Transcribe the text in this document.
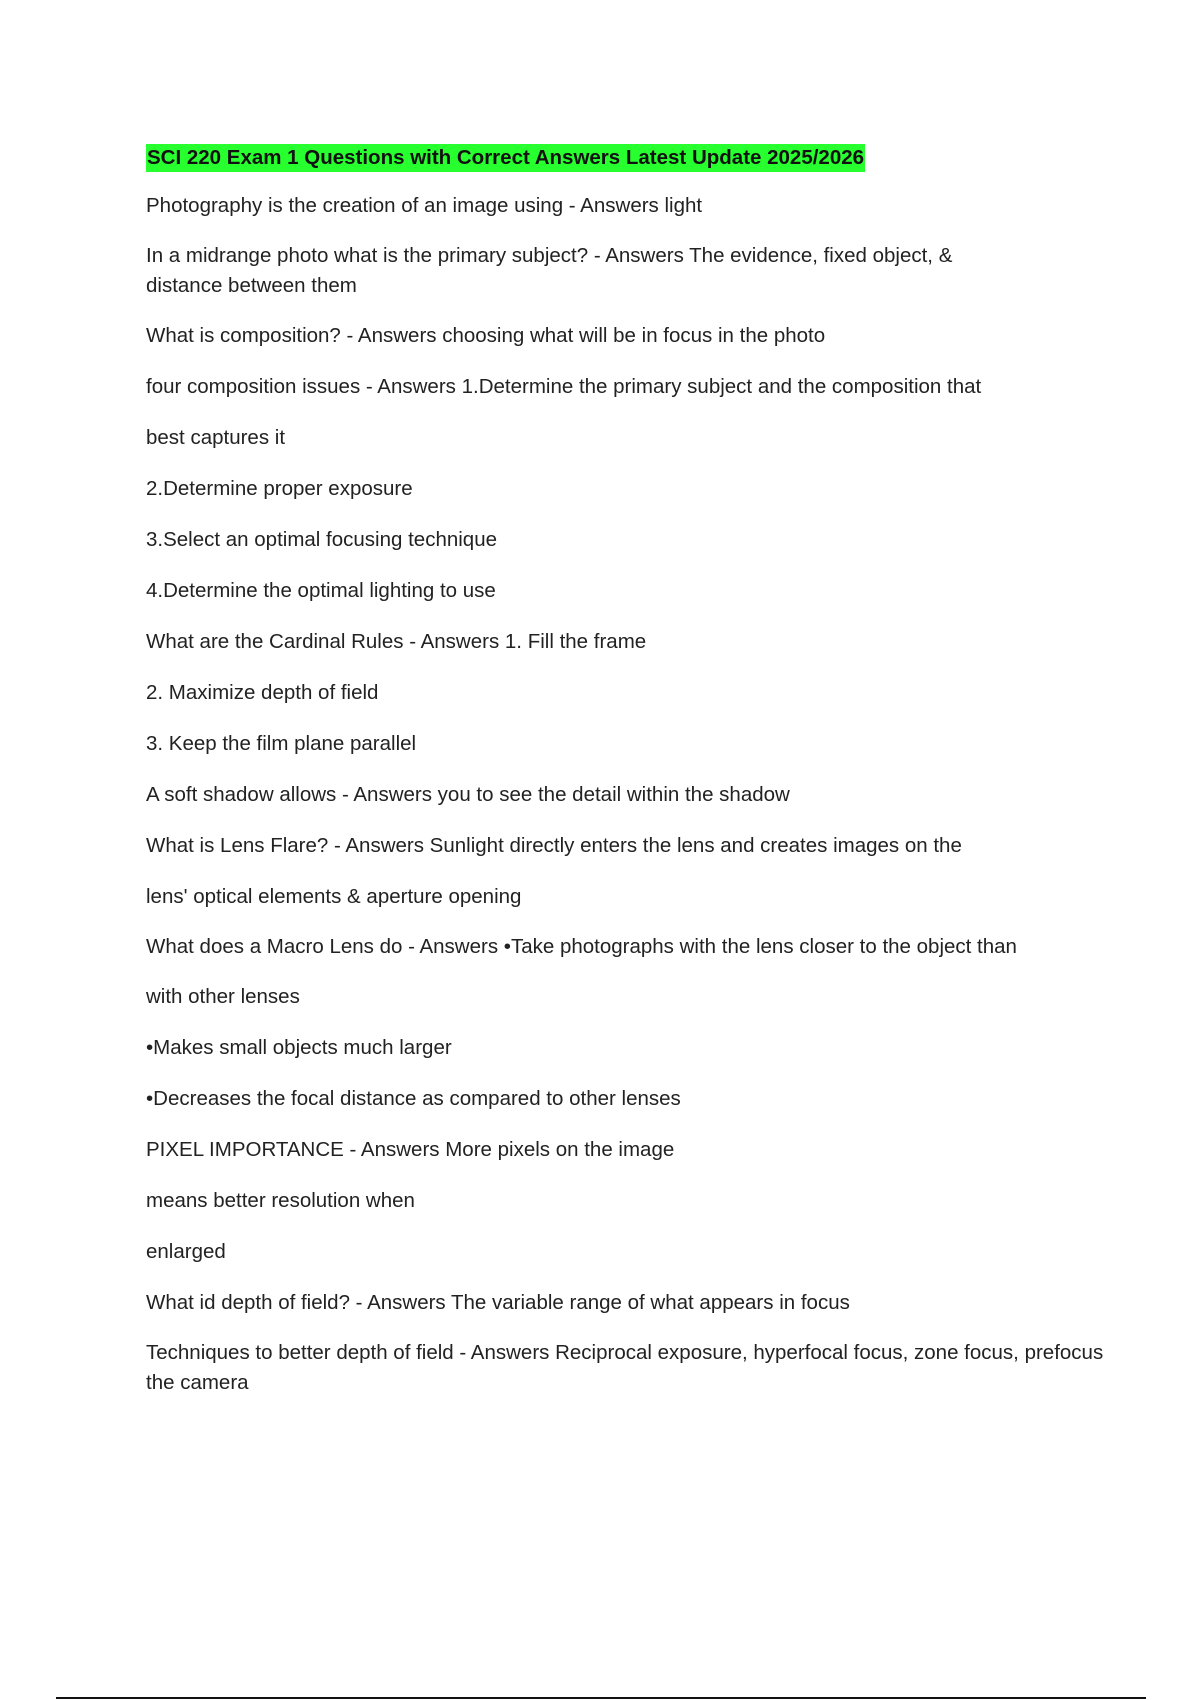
SCI 220 Exam 1 Questions with Correct Answers Latest Update 2025/2026
Photography is the creation of an image using - Answers light
In a midrange photo what is the primary subject? - Answers The evidence, fixed object, & distance between them
What is composition? - Answers choosing what will be in focus in the photo
four composition issues - Answers 1.Determine the primary subject and the composition that
best captures it
2.Determine proper exposure
3.Select an optimal focusing technique
4.Determine the optimal lighting to use
What are the Cardinal Rules - Answers 1. Fill the frame
2. Maximize depth of field
3. Keep the film plane parallel
A soft shadow allows - Answers you to see the detail within the shadow
What is Lens Flare? - Answers Sunlight directly enters the lens and creates images on the
lens' optical elements & aperture opening
What does a Macro Lens do - Answers •Take photographs with the lens closer to the object than
with other lenses
•Makes small objects much larger
•Decreases the focal distance as compared to other lenses
PIXEL IMPORTANCE - Answers More pixels on the image
means better resolution when
enlarged
What id depth of field? - Answers The variable range of what appears in focus
Techniques to better depth of field - Answers Reciprocal exposure, hyperfocal focus, zone focus, prefocus the camera
